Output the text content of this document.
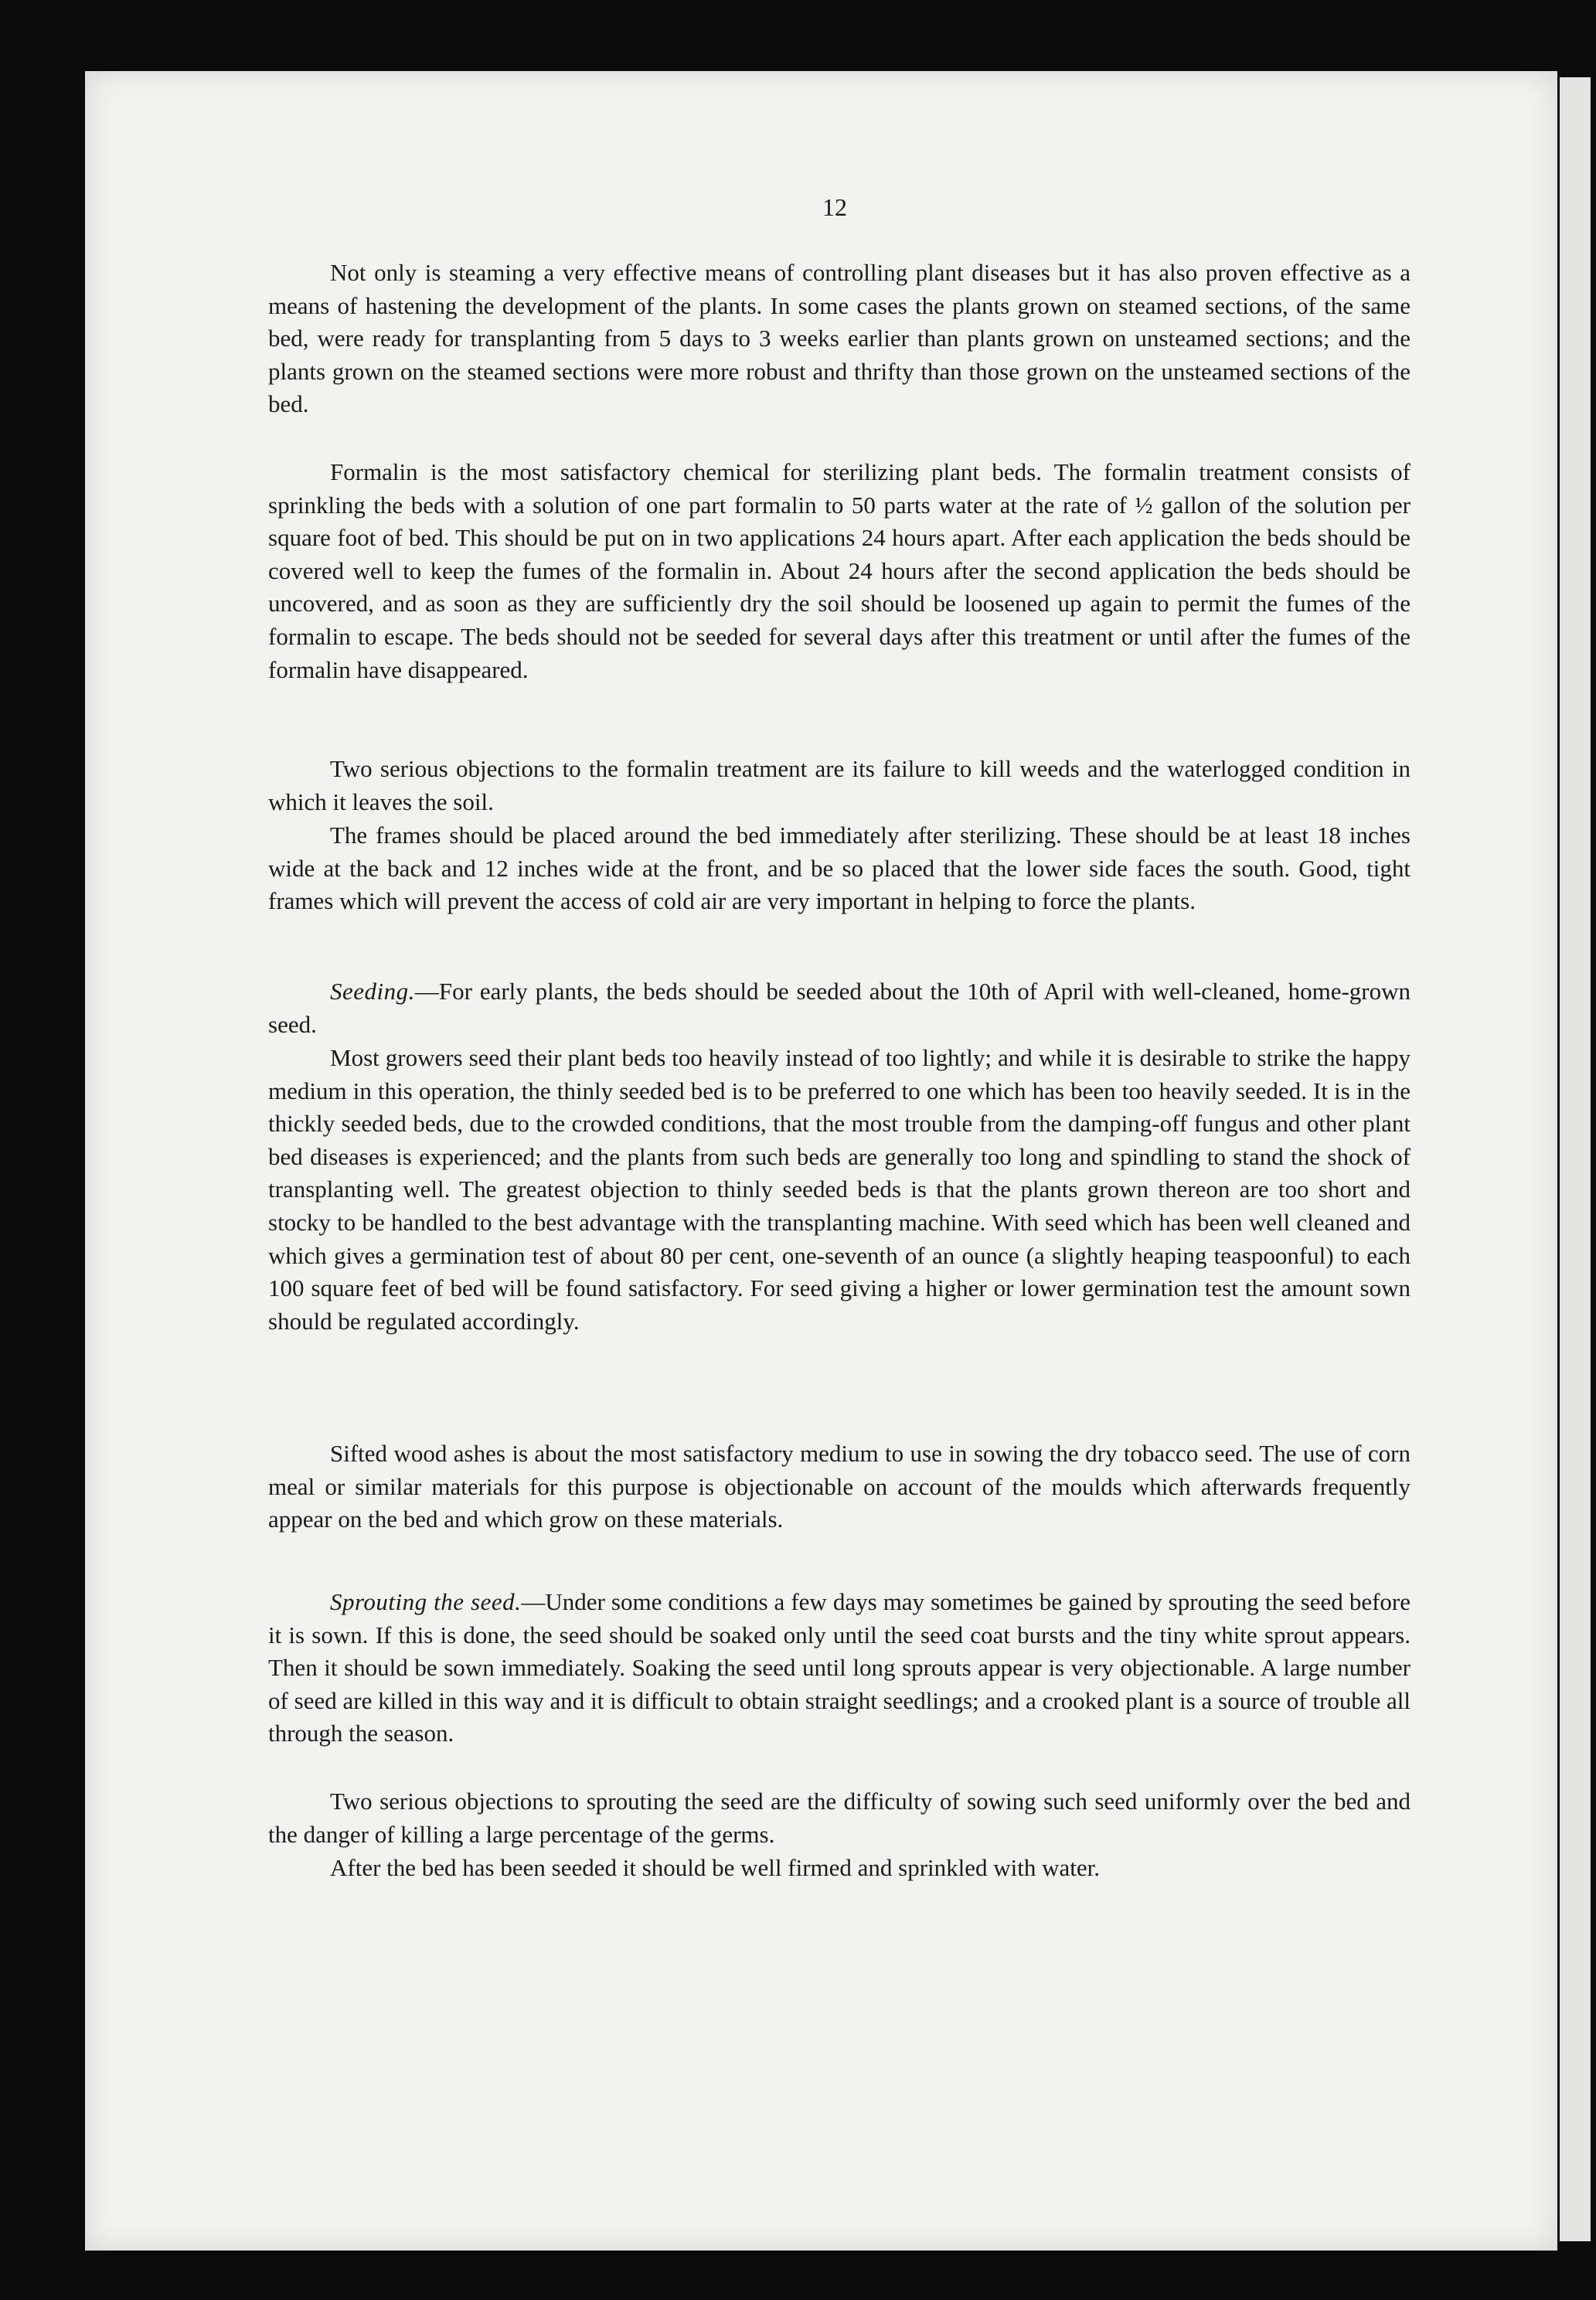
12

Not only is steaming a very effective means of controlling plant diseases but it has also proven effective as a means of hastening the development of the plants. In some cases the plants grown on steamed sections, of the same bed, were ready for transplanting from 5 days to 3 weeks earlier than plants grown on unsteamed sections; and the plants grown on the steamed sections were more robust and thrifty than those grown on the unsteamed sections of the bed.

Formalin is the most satisfactory chemical for sterilizing plant beds. The formalin treatment consists of sprinkling the beds with a solution of one part formalin to 50 parts water at the rate of ½ gallon of the solution per square foot of bed. This should be put on in two applications 24 hours apart. After each application the beds should be covered well to keep the fumes of the formalin in. About 24 hours after the second application the beds should be uncovered, and as soon as they are sufficiently dry the soil should be loosened up again to permit the fumes of the formalin to escape. The beds should not be seeded for several days after this treatment or until after the fumes of the formalin have disappeared.

Two serious objections to the formalin treatment are its failure to kill weeds and the waterlogged condition in which it leaves the soil.

The frames should be placed around the bed immediately after sterilizing. These should be at least 18 inches wide at the back and 12 inches wide at the front, and be so placed that the lower side faces the south. Good, tight frames which will prevent the access of cold air are very important in helping to force the plants.

Seeding.—For early plants, the beds should be seeded about the 10th of April with well-cleaned, home-grown seed.

Most growers seed their plant beds too heavily instead of too lightly; and while it is desirable to strike the happy medium in this operation, the thinly seeded bed is to be preferred to one which has been too heavily seeded. It is in the thickly seeded beds, due to the crowded conditions, that the most trouble from the damping-off fungus and other plant bed diseases is experienced; and the plants from such beds are generally too long and spindling to stand the shock of transplanting well. The greatest objection to thinly seeded beds is that the plants grown thereon are too short and stocky to be handled to the best advantage with the transplanting machine. With seed which has been well cleaned and which gives a germination test of about 80 per cent, one-seventh of an ounce (a slightly heaping teaspoonful) to each 100 square feet of bed will be found satisfactory. For seed giving a higher or lower germination test the amount sown should be regulated accordingly.

Sifted wood ashes is about the most satisfactory medium to use in sowing the dry tobacco seed. The use of corn meal or similar materials for this purpose is objectionable on account of the moulds which afterwards frequently appear on the bed and which grow on these materials.

Sprouting the seed.—Under some conditions a few days may sometimes be gained by sprouting the seed before it is sown. If this is done, the seed should be soaked only until the seed coat bursts and the tiny white sprout appears. Then it should be sown immediately. Soaking the seed until long sprouts appear is very objectionable. A large number of seed are killed in this way and it is difficult to obtain straight seedlings; and a crooked plant is a source of trouble all through the season.

Two serious objections to sprouting the seed are the difficulty of sowing such seed uniformly over the bed and the danger of killing a large percentage of the germs.

After the bed has been seeded it should be well firmed and sprinkled with water.
